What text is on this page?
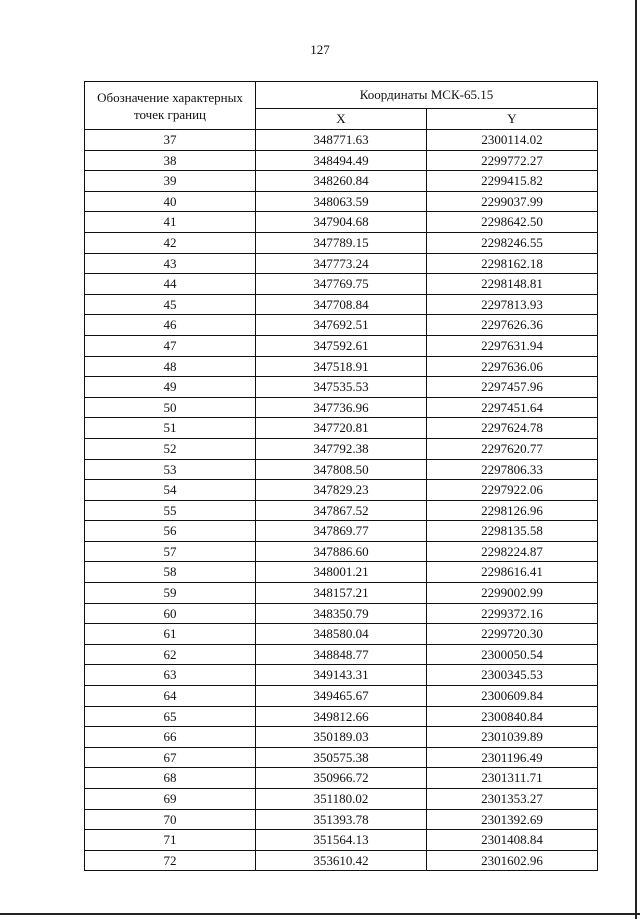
127
Обозначение характерных точек границ	Координаты МСК-65.15	
	X	Y
37	348771.63	2300114.02
38	348494.49	2299772.27
39	348260.84	2299415.82
40	348063.59	2299037.99
41	347904.68	2298642.50
42	347789.15	2298246.55
43	347773.24	2298162.18
44	347769.75	2298148.81
45	347708.84	2297813.93
46	347692.51	2297626.36
47	347592.61	2297631.94
48	347518.91	2297636.06
49	347535.53	2297457.96
50	347736.96	2297451.64
51	347720.81	2297624.78
52	347792.38	2297620.77
53	347808.50	2297806.33
54	347829.23	2297922.06
55	347867.52	2298126.96
56	347869.77	2298135.58
57	347886.60	2298224.87
58	348001.21	2298616.41
59	348157.21	2299002.99
60	348350.79	2299372.16
61	348580.04	2299720.30
62	348848.77	2300050.54
63	349143.31	2300345.53
64	349465.67	2300609.84
65	349812.66	2300840.84
66	350189.03	2301039.89
67	350575.38	2301196.49
68	350966.72	2301311.71
69	351180.02	2301353.27
70	351393.78	2301392.69
71	351564.13	2301408.84
72	353610.42	2301602.96
